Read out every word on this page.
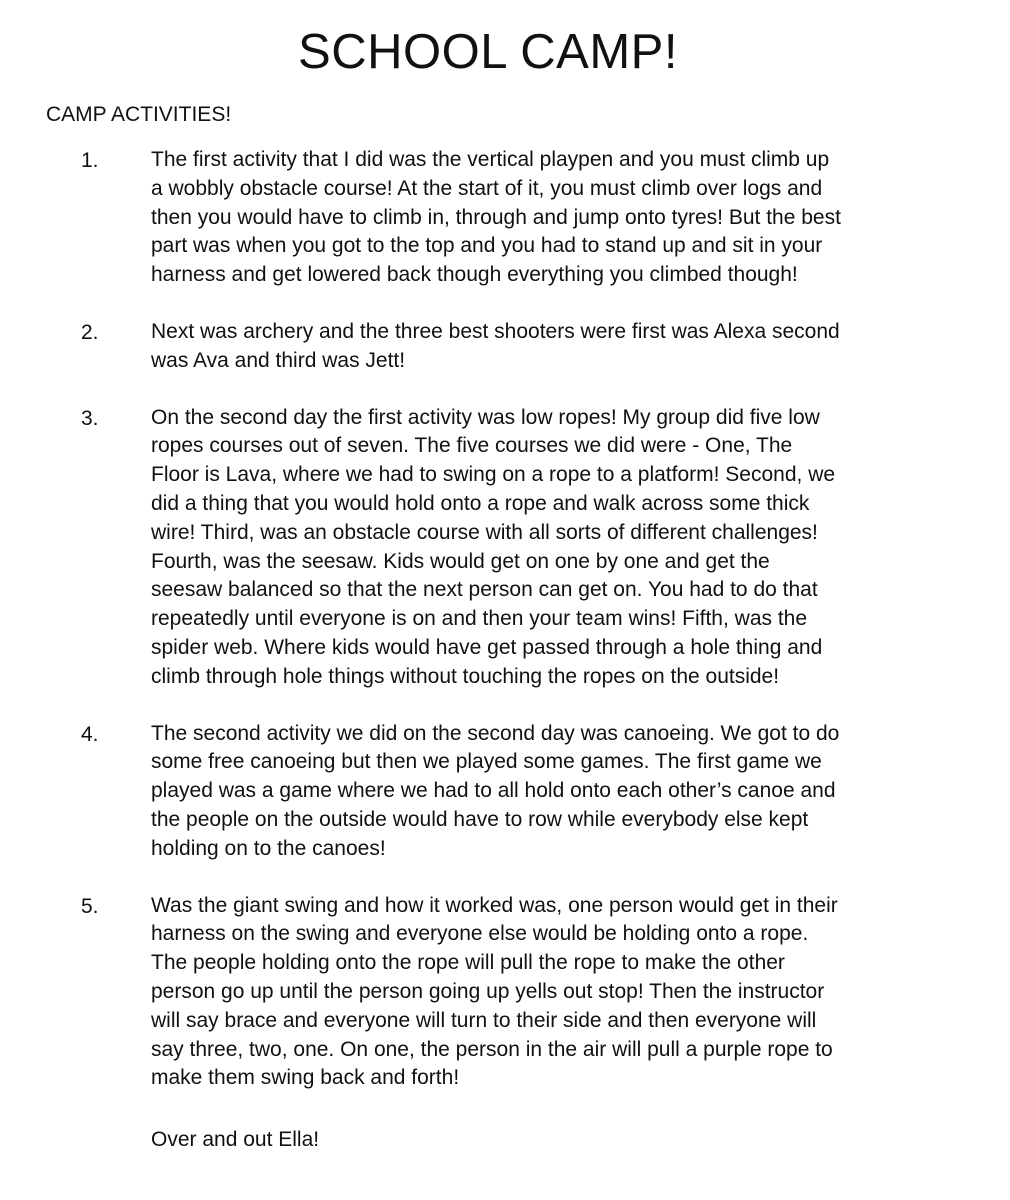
SCHOOL CAMP!

CAMP ACTIVITIES!

1. The first activity that I did was the vertical playpen and you must climb up
a wobbly obstacle course! At the start of it, you must climb over logs and
then you would have to climb in, through and jump onto tyres! But the best
part was when you got to the top and you had to stand up and sit in your
harness and get lowered back though everything you climbed though!

2. Next was archery and the three best shooters were first was Alexa second
was Ava and third was Jett!

3. On the second day the first activity was low ropes! My group did five low
ropes courses out of seven. The five courses we did were - One, The
Floor is Lava, where we had to swing on a rope to a platform! Second, we
did a thing that you would hold onto a rope and walk across some thick
wire! Third, was an obstacle course with all sorts of different challenges!
Fourth, was the seesaw. Kids would get on one by one and get the
seesaw balanced so that the next person can get on. You had to do that
repeatedly until everyone is on and then your team wins! Fifth, was the
spider web. Where kids would have get passed through a hole thing and
climb through hole things without touching the ropes on the outside!

4. The second activity we did on the second day was canoeing. We got to do
some free canoeing but then we played some games. The first game we
played was a game where we had to all hold onto each other’s canoe and
the people on the outside would have to row while everybody else kept
holding on to the canoes!

5. Was the giant swing and how it worked was, one person would get in their
harness on the swing and everyone else would be holding onto a rope.
The people holding onto the rope will pull the rope to make the other
person go up until the person going up yells out stop! Then the instructor
will say brace and everyone will turn to their side and then everyone will
say three, two, one. On one, the person in the air will pull a purple rope to
make them swing back and forth!

Over and out Ella!
